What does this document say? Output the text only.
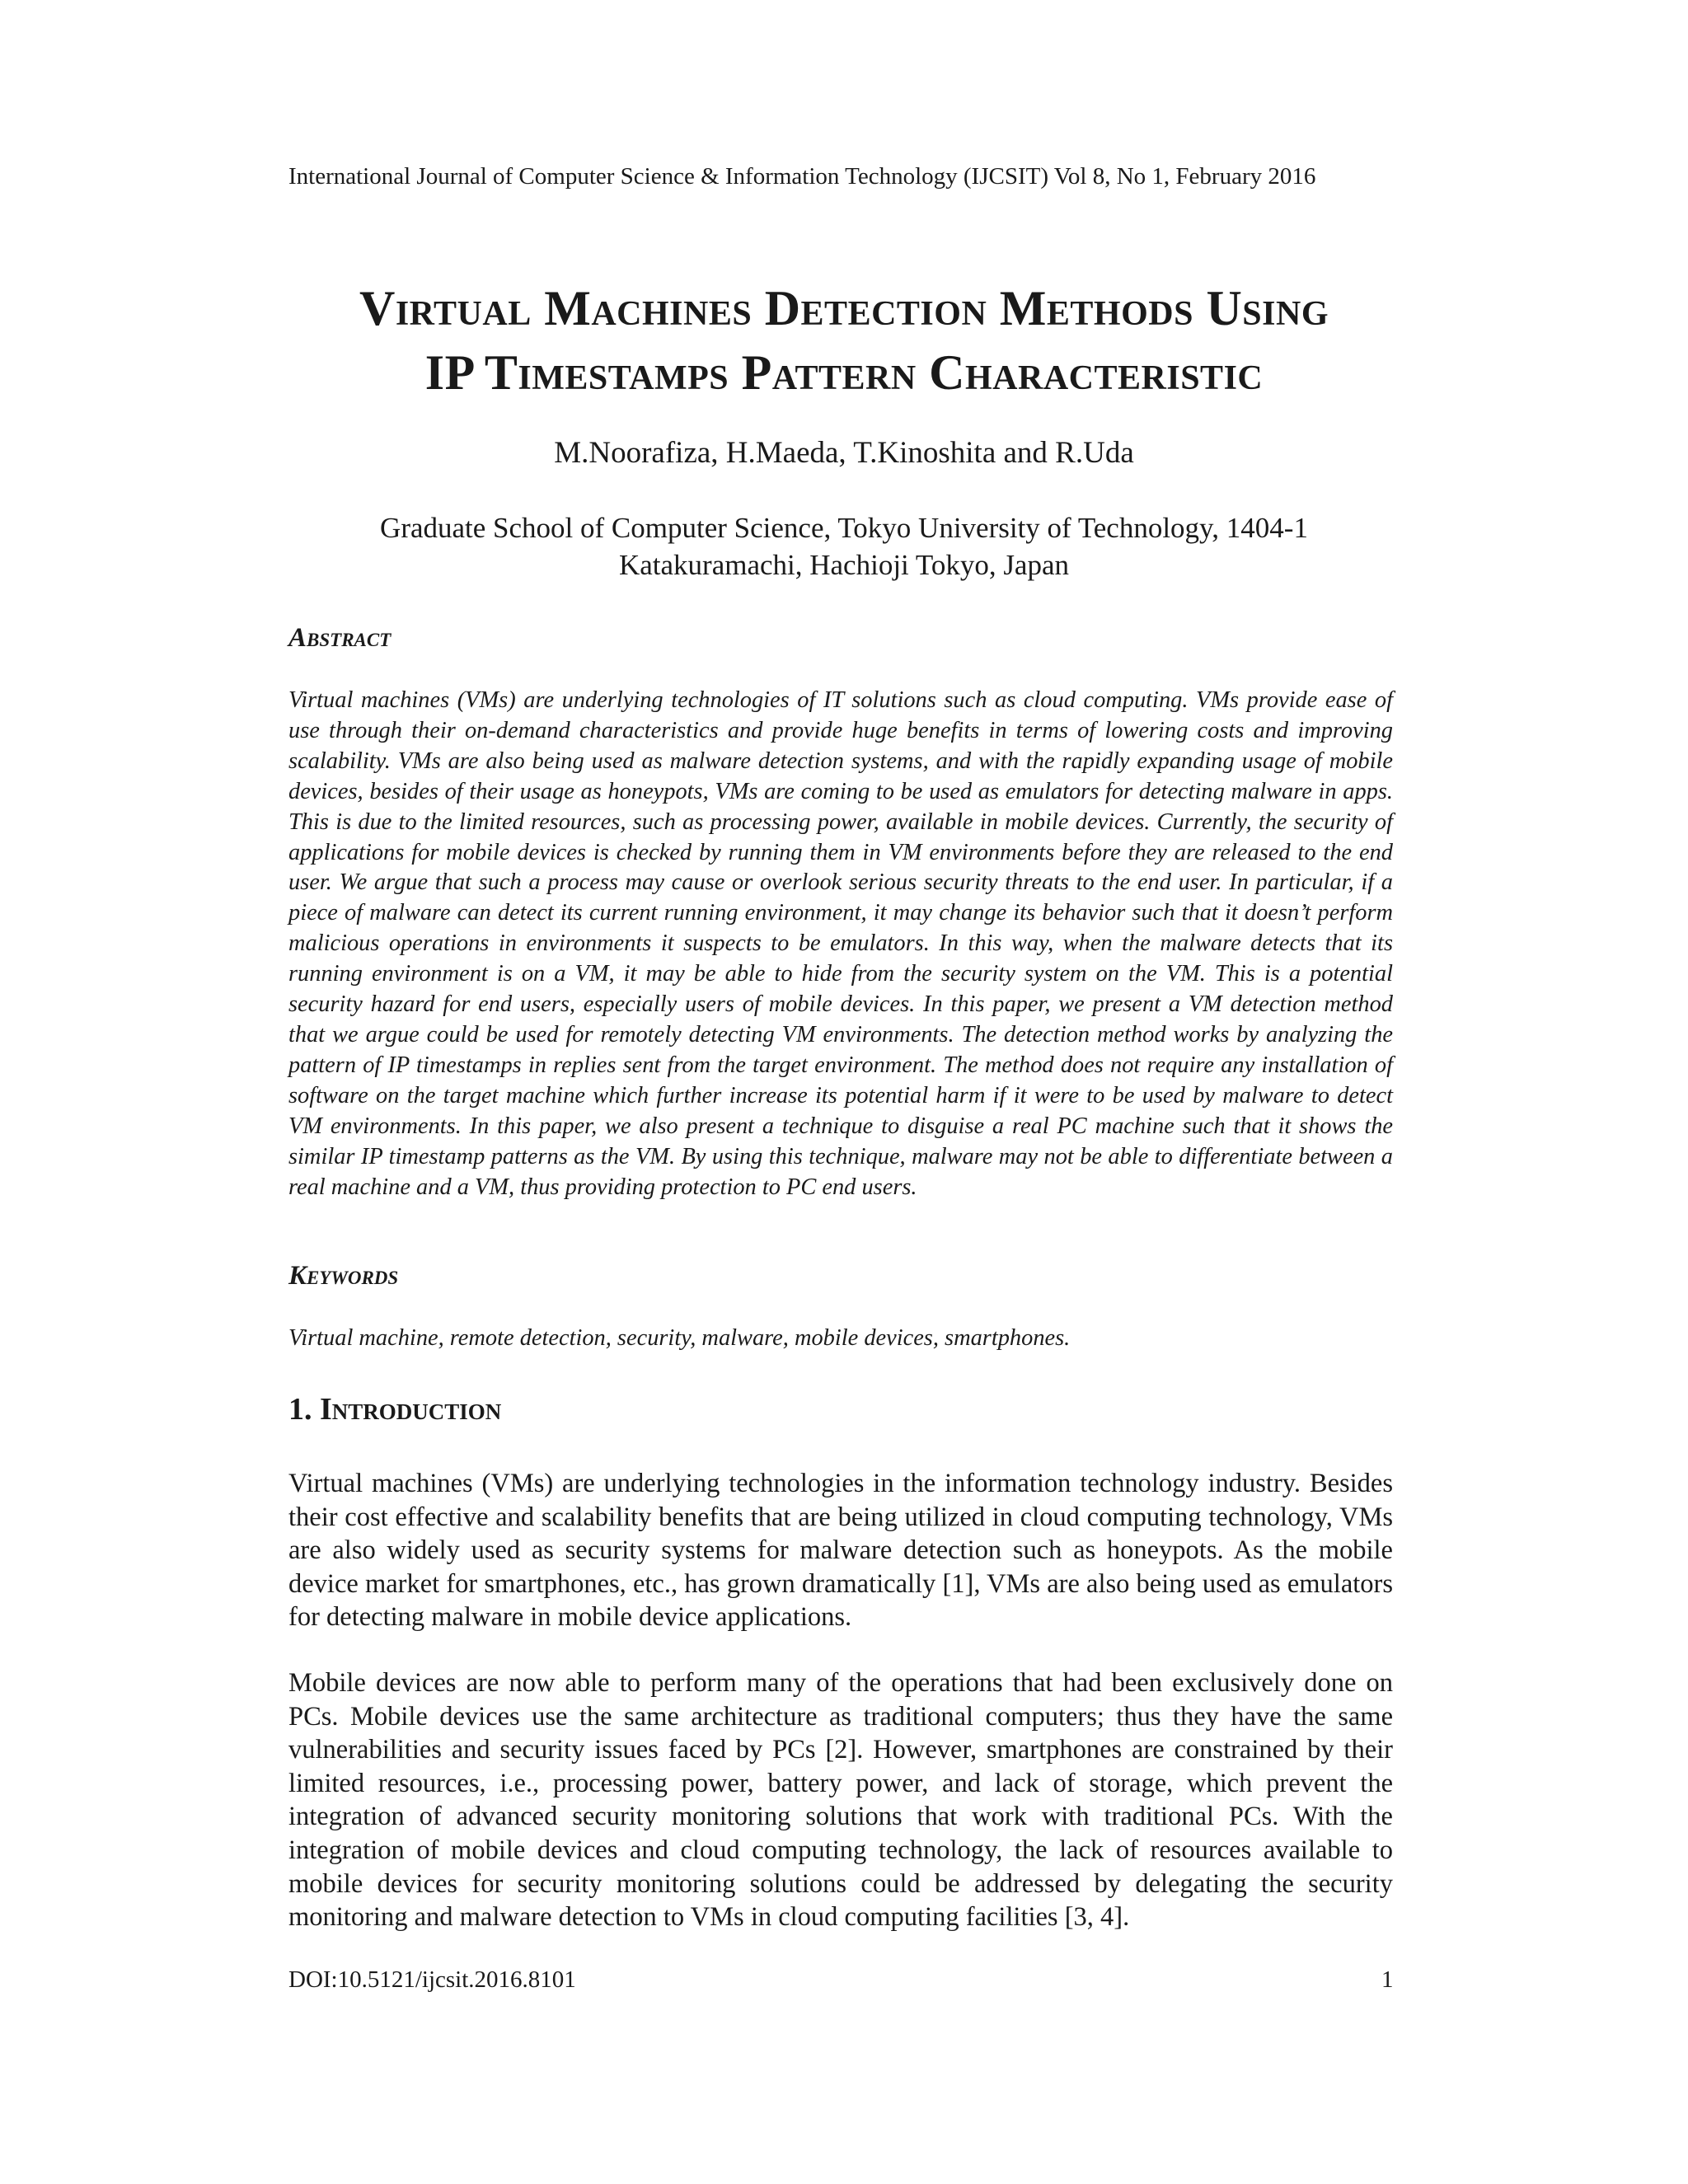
International Journal of Computer Science & Information Technology (IJCSIT) Vol 8, No 1, February 2016
Virtual Machines Detection Methods Using
IP Timestamps Pattern Characteristic
M.Noorafiza, H.Maeda, T.Kinoshita and R.Uda
Graduate School of Computer Science, Tokyo University of Technology, 1404-1
Katakuramachi, Hachioji Tokyo, Japan
Abstract

Virtual machines (VMs) are underlying technologies of IT solutions such as cloud computing. VMs provide ease of use through their on-demand characteristics and provide huge benefits in terms of lowering costs and improving scalability. VMs are also being used as malware detection systems, and with the rapidly expanding usage of mobile devices, besides of their usage as honeypots, VMs are coming to be used as emulators for detecting malware in apps. This is due to the limited resources, such as processing power, available in mobile devices. Currently, the security of applications for mobile devices is checked by running them in VM environments before they are released to the end user. We argue that such a process may cause or overlook serious security threats to the end user. In particular, if a piece of malware can detect its current running environment, it may change its behavior such that it doesn’t perform malicious operations in environments it suspects to be emulators. In this way, when the malware detects that its running environment is on a VM, it may be able to hide from the security system on the VM. This is a potential security hazard for end users, especially users of mobile devices. In this paper, we present a VM detection method that we argue could be used for remotely detecting VM environments. The detection method works by analyzing the pattern of IP timestamps in replies sent from the target environment. The method does not require any installation of software on the target machine which further increase its potential harm if it were to be used by malware to detect VM environments. In this paper, we also present a technique to disguise a real PC machine such that it shows the similar IP timestamp patterns as the VM. By using this technique, malware may not be able to differentiate between a real machine and a VM, thus providing protection to PC end users.

Keywords

Virtual machine, remote detection, security, malware, mobile devices, smartphones.

1. Introduction

Virtual machines (VMs) are underlying technologies in the information technology industry. Besides their cost effective and scalability benefits that are being utilized in cloud computing technology, VMs are also widely used as security systems for malware detection such as honeypots. As the mobile device market for smartphones, etc., has grown dramatically [1], VMs are also being used as emulators for detecting malware in mobile device applications.

Mobile devices are now able to perform many of the operations that had been exclusively done on PCs. Mobile devices use the same architecture as traditional computers; thus they have the same vulnerabilities and security issues faced by PCs [2]. However, smartphones are constrained by their limited resources, i.e., processing power, battery power, and lack of storage, which prevent the integration of advanced security monitoring solutions that work with traditional PCs. With the integration of mobile devices and cloud computing technology, the lack of resources available to mobile devices for security monitoring solutions could be addressed by delegating the security monitoring and malware detection to VMs in cloud computing facilities [3, 4].

DOI:10.5121/ijcsit.2016.8101	1
